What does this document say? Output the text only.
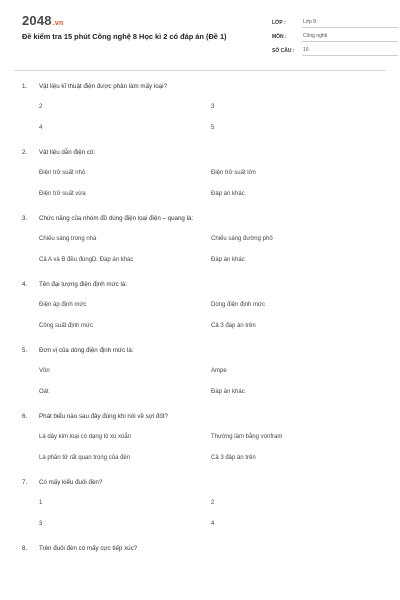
2048.vn
Đề kiểm tra 15 phút Công nghệ 8 Học kì 2 có đáp án (Đề 1)
LỚP :	Lớp 8
MÔN :	Công nghệ
SỐ CÂU :	10
1.	Vật liệu kĩ thuật điện được phân làm mấy loại?
2	3
4	5
2.	Vật liệu dẫn điện có:
Điện trở suất nhỏ	Điện trở suất lớn
Điện trở suất vừa	Đáp án khác
3.	Chức năng của nhóm đồ dùng điện loại điện – quang là:
Chiếu sáng trong nhà	Chiếu sáng đường phố
Cả A và B đều đúngD. Đáp án khác	Đáp án khác
4.	Tên đại lượng điện định mức là:
Điện áp định mức	Dòng điện định mức
Công suất định mức	Cả 3 đáp án trên
5.	Đơn vị của dòng điện định mức là:
Vôn	Ampe
Oát	Đáp án khác
6.	Phát biểu nào sau đây đúng khi nói về sợi đốt?
Là dây kim loại có dạng lò xo xoắn	Thường làm bằng vonfram
Là phần tử rất quan trọng của đèn	Cả 3 đáp án trên
7.	Có mấy kiểu đuôi đèn?
1	2
3	4
8.	Trên đuôi đèn có mấy cực tiếp xúc?
